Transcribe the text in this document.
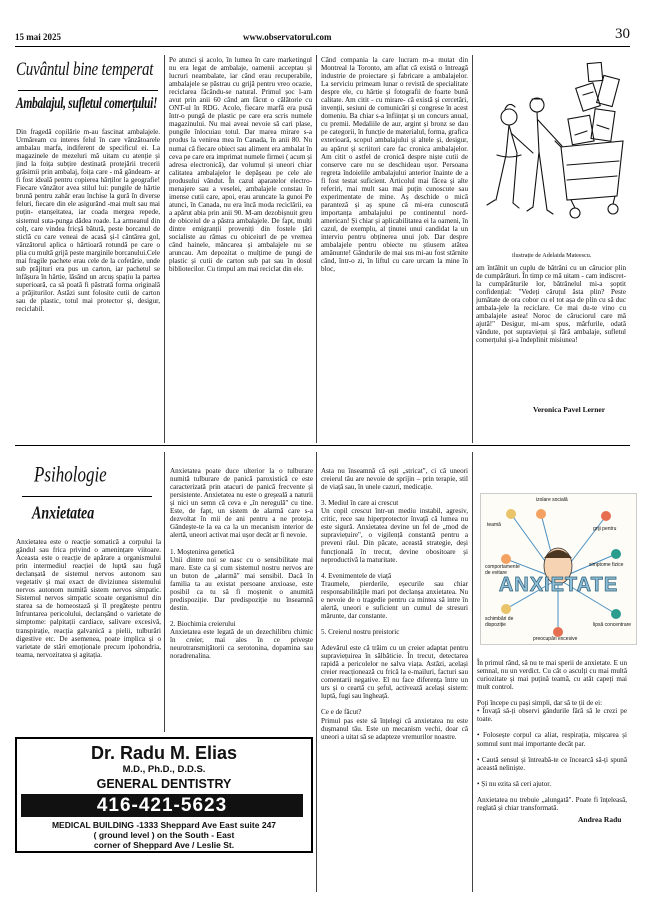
15 mai 2025	www.observatorul.com	30
Cuvântul bine temperat
Ambalajul, sufletul comerțului!

Din fragedă copilărie m-au fascinat ambalajele. Urmăream cu interes felul în care vânzătoarele ambalau marfa, indiferent de specificul ei. La magazinele de mezeluri mă uitam cu atenție și jind la foița subțire destinată protejării trecerii grăsimii prin ambalaj, foița care - mă gândeam- ar fi fost ideală pentru copierea hărților la geografie! Fiecare vânzător avea stilul lui: pungile de hârtie brună pentru zahăr erau închise la gură în diverse feluri, fiecare din ele asigurând -mai mult sau mai puțin- etanșeitatea, iar coada mergea repede, sistemul suta-punga dădea roade. La armeanul din colț, care vindea fricșă bătută, peste borcanul de sticlă cu care veneai de acasă și-l cântărea gol, vânzătorul aplica o hârtioară rotundă pe care o plia cu multă grijă peste marginile borcanului.Cele mai fragile pachete erau cele de la cofetărie, unde sub prăjituri era pus un carton, iar pachetul se înfășura în hârtie, lăsând un arcuș spațiu la partea superioară, ca să poată fi păstrată forma originală a prăjiturilor. Astăzi sunt folosite cutii de carton sau de plastic, totul mai protector și, desigur, reciclabil.

Pe atunci și acolo, în lumea în care marketingul nu era legat de ambalaje, oamenii acceptau și lucruri neambalate, iar când erau recuperabile, ambalajele se păstrau cu grijă pentru vreo ocazie, reciclarea făcându-se natural. Primul șoc l-am avut prin anii 60 când am făcut o călătorie cu ONT-ul în RDG. Acolo, fiecare marfă era pusă într-o pungă de plastic pe care era scris numele magazinului. Nu mai aveai nevoie să cari plase, pungile înlocuiau totul. Dar marea mirare s-a produs la venirea mea în Canada, în anii 80. Nu numai că fiecare obiect sau aliment era ambalat în ceva pe care era imprimat numele firmei ( acum și adresa electronică), dar volumul și uneori chiar calitatea ambalajelor le depășeau pe cele ale produsului vândut. În cazul aparatelor electro-menajere sau a veselei, ambalajele constau în imense cutii care, apoi, erau aruncate la gunoi Pe atunci, în Canada, nu era încă moda reciclării, ea a apărut abia prin anii 90. M-am dezobișnuit greu de obiceiul de a păstra ambalajele. De fapt, mulți dintre emigranții proveniți din fostele țări socialiste au rămas cu obiceiurl de pe vremea când hainele, mâncarea și ambalajele nu se aruncau. Am depozitat o mulțime de pungi de plastic și cutii de carton sub pat sau în dosul bibliotecilor. Cu timpul am mai reciclat din ele.

Când compania la care lucram m-a mutat din Montreal la Toronto, am aflat că există o întreagă industrie de proiectare și fabricare a ambalajelor. La serviciu primeam lunar o revistă de specialitate despre ele, cu hârtie și fotografii de foarte bună calitate. Am citit - cu mirare- că există și cercetări, invenții, sesiuni de comunicări și congrese în acest domeniu. Ba chiar s-a înființat și un concurs anual, cu premii. Medaliile de aur, argint și bronz se dau pe categorii, în funcție de materialul, forma, grafica exterioară, scopul ambalajului și altele și, desigur, au apărut și scriitori care fac cronica ambalajelor. Am citit o astfel de cronică despre niște cutii de conserve care nu se deschideau ușor. Persoana regreta îndoielile ambalajului anterior înainte de a fi fost testat suficient. Articolul mai făcea și alte referiri, mai mult sau mai puțin cunoscute sau experimentate de mine. Aș deschide o mică paranteză și aș spune că mi-era cunoscută importanța ambalajului pe continentul nord-american! Și chiar și aplicabilitatea ei la oameni, în cazul, de exemplu, al ținutei unui candidat la un interviu pentru obținerea unui job. Dar despre ambalajele pentru obiecte nu știusem atâtea amănunte! Gândurile de mai sus mi-au fost stârnite când, într-o zi, în liftul cu care urcam la mine în bloc,

ilustrație de Adelaida Mateescu.

am întâlnit un cuplu de bătrâni cu un cărucior plin de cumpărături. În timp ce mă uitam - cam indiscret- la cumpărăturile lor, bătrânelul mi-a șoptit confidențial: "Vedeți căruțul ăsta plin? Peste jumătate de ora cobor cu el tot așa de plin cu să duc ambala-jele la reciclare. Ce mai du-te vino cu ambalajele astea! Noroc de căruciorul care mă ajută!" Desigur, mi-am spus, mărfurile, odată vândute, pot supraviețui și fără ambalaje, sufletul comerțului și-a îndeplinit misiunea!

Veronica Pavel Lerner
Psihologie
Anxietatea

Anxietatea este o reacție somatică a corpului la gândul sau frica privind o amenințare viitoare. Aceasta este o reacție de apărare a organismului prin intermediul reacției de luptă sau fugă declanșată de sistemul nervos autonom sau vegetativ și mai exact de diviziunea sistemului nervos autonom numită sistem nervos simpatic. Sistemul nervos simpatic scoate organismul din starea sa de homeostază și îl pregătește pentru înfruntarea pericolului, declanșând o varietate de simptome: palpitații cardiace, salivare excesivă, transpirație, reacția galvanică a pielii, tulburări digestive etc. De asemenea, poate implica și o varietate de stări emoționale precum ipohondria, teama, nervozitatea și agitația.

Anxietatea poate duce ulterior la o tulburare numită tulburare de panică paroxistică ce este caracterizată prin atacuri de panică frecvente și persistente. Anxietatea nu este o greșeală a naturii și nici un semn că ceva e „în neregulă" cu tine. Este, de fapt, un sistem de alarmă care s-a dezvoltat în mii de ani pentru a ne proteja. Gândește-te la ea ca la un mecanism interior de alertă, uneori activat mai ușor decât ar fi nevoie.

1. Moștenirea genetică
Unii dintre noi se nasc cu o sensibilitate mai mare. Este ca și cum sistemul nostru nervos are un buton de „alarmă" mai sensibil. Dacă în familia ta au existat persoane anxioase, este posibil ca tu să fi moștenit o anumită predispoziție. Dar predispoziție nu înseamnă destin.

2. Biochimia creierului
Anxietatea este legată de un dezechilibru chimic în creier, mai ales în ce privește neurotransmițătorii ca serotonina, dopamina sau noradrenalina.

Asta nu înseamnă că ești „stricat", ci că uneori creierul tău are nevoie de sprijin – prin terapie, stil de viață sau, în unele cazuri, medicație.

3. Mediul în care ai crescut
Un copil crescut într-un mediu instabil, agresiv, critic, rece sau hiperprotector învață că lumea nu este sigură. Anxietatea devine un fel de „mod de supraviețuire", o vigilență constantă pentru a preveni răul. Din păcate, această strategie, deși funcțională în trecut, devine obositoare și neproductivă la maturitate.

4. Evenimentele de viață
Traumele, pierderile, eșecurile sau chiar responsabilitățile mari pot declanșa anxietatea. Nu e nevoie de o tragedie pentru ca mintea să intre în alertă, uneori e suficient un cumul de stresuri mărunte, dar constante.

5. Creierul nostru preistoric

Adevărul este că trăim cu un creier adaptat pentru supraviețuirea în sălbăticie. În trecut, detectarea rapidă a pericolelor ne salva viața. Astăzi, același creier reacționează cu frică la e-mailuri, facturi sau comentarii negative. El nu face diferența între un urs și o ceartă cu șeful, activează același sistem: luptă, fugi sau îngheață.

Ce e de făcut?
Primul pas este să înțelegi că anxietatea nu este dușmanul tău. Este un mecanism vechi, doar că uneori a uitat să se adapteze vremurilor noastre.

ANXIETATE
izolare socială
teamă
griji pentru
simptome fizice
comportamente de evitare
schimbări de dispoziție
preocupări excesive
lipsă concentrare

În primul rând, să nu te mai sperii de anxietate. E un semnal, nu un verdict. Cu cât o asculți cu mai multă curiozitate și mai puțină teamă, cu atât capeți mai mult control.

Poți începe cu pași simpli, dar să te ții de ei:
• Învață să-ți observi gândurile fără să le crezi pe toate.

• Folosește corpul ca aliat, respirația, mișcarea și somnul sunt mai importante decât par.

• Caută sensul și întreabă-te ce încearcă să-ți spună această neliniște.

• Și nu ezita să ceri ajutor.

Anxietatea nu trebuie „alungată". Poate fi înțeleasă, reglată și chiar transformată.

Andrea Radu
Dr. Radu M. Elias
M.D., Ph.D., D.D.S.
GENERAL DENTISTRY
416-421-5623
MEDICAL BUILDING -1333 Sheppard Ave East suite 247
( ground level ) on the South - East
corner of Sheppard Ave / Leslie St.
